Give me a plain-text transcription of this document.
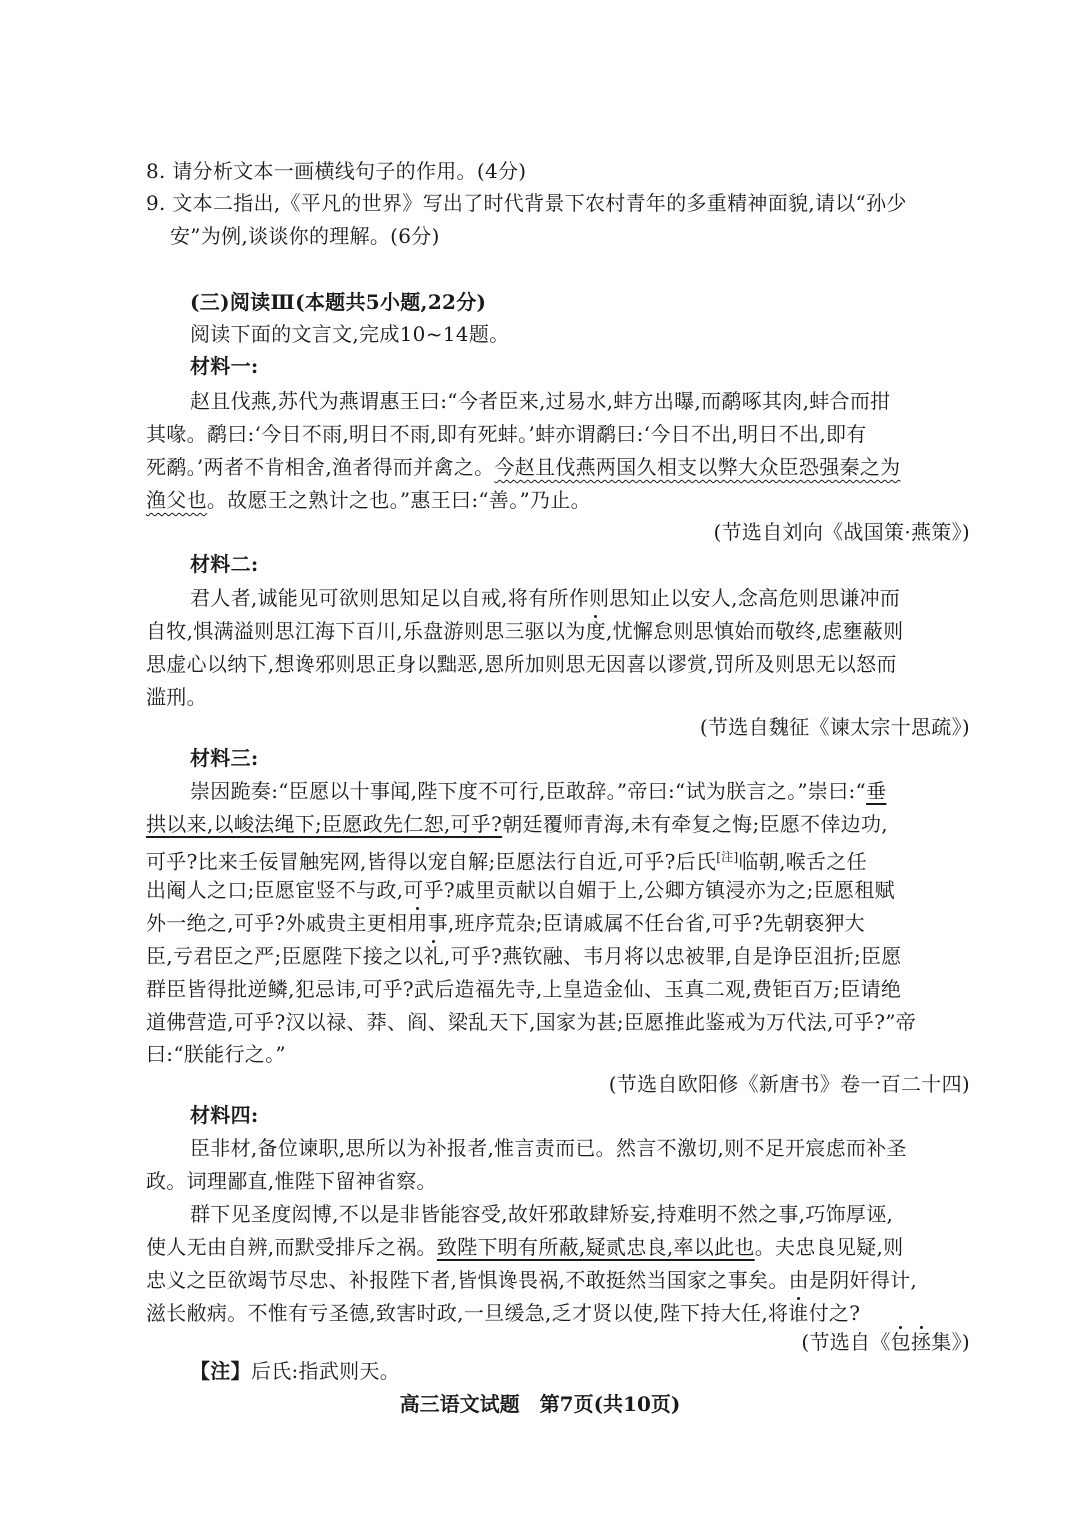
8. 请分析文本一画横线句子的作用。(4分)
9. 文本二指出,《平凡的世界》写出了时代背景下农村青年的多重精神面貌,请以“孙少
安”为例,谈谈你的理解。(6分)
(三)阅读Ⅲ(本题共5小题,22分)
阅读下面的文言文,完成10~14题。
材料一:
赵且伐燕,苏代为燕谓惠王曰:“今者臣来,过易水,蚌方出曝,而鹬啄其肉,蚌合而拑
其喙。鹬曰:‘今日不雨,明日不雨,即有死蚌。’蚌亦谓鹬曰:‘今日不出,明日不出,即有
死鹬。’两者不肯相舍,渔者得而并禽之。今赵且伐燕两国久相支以弊大众臣恐强秦之为
渔父也。故愿王之熟计之也。”惠王曰:“善。”乃止。
(节选自刘向《战国策·燕策》)
材料二:
君人者,诚能见可欲则思知足以自戒,将有所作则思知止以安人,念高危则思谦冲而
自牧,惧满溢则思江海下百川,乐盘游则思三驱以为度,忧懈怠则思慎始而敬终,虑壅蔽则
思虚心以纳下,想谗邪则思正身以黜恶,恩所加则思无因喜以谬赏,罚所及则思无以怒而
滥刑。
(节选自魏征《谏太宗十思疏》)
材料三:
崇因跪奏:“臣愿以十事闻,陛下度不可行,臣敢辞。”帝曰:“试为朕言之。”崇曰:“垂
拱以来,以峻法绳下;臣愿政先仁恕,可乎?朝廷覆师青海,未有牵复之悔;臣愿不倖边功,
可乎?比来壬佞冒触宪网,皆得以宠自解;臣愿法行自近,可乎?后氏[注]临朝,喉舌之任
出阉人之口;臣愿宦竖不与政,可乎?戚里贡献以自媚于上,公卿方镇浸亦为之;臣愿租赋
外一绝之,可乎?外戚贵主更相用事,班序荒杂;臣请戚属不任台省,可乎?先朝亵狎大
臣,亏君臣之严;臣愿陛下接之以礼,可乎?燕钦融、韦月将以忠被罪,自是诤臣沮折;臣愿
群臣皆得批逆鳞,犯忌讳,可乎?武后造福先寺,上皇造金仙、玉真二观,费钜百万;臣请绝
道佛营造,可乎?汉以禄、莽、阎、梁乱天下,国家为甚;臣愿推此鉴戒为万代法,可乎?”帝
曰:“朕能行之。”
(节选自欧阳修《新唐书》卷一百二十四)
材料四:
臣非材,备位谏职,思所以为补报者,惟言责而已。然言不激切,则不足开宸虑而补圣
政。词理鄙直,惟陛下留神省察。
群下见圣度闳博,不以是非皆能容受,故奸邪敢肆矫妄,持难明不然之事,巧饰厚诬,
使人无由自辨,而默受排斥之祸。致陛下明有所蔽,疑贰忠良,率以此也。夫忠良见疑,则
忠义之臣欲竭节尽忠、补报陛下者,皆惧谗畏祸,不敢挺然当国家之事矣。由是阴奸得计,
滋长敝病。不惟有亏圣德,致害时政,一旦缓急,乏才贤以使,陛下持大任,将谁付之?
(节选自《包拯集》)
【注】后氏:指武则天。
高三语文试题　第7页(共10页)
